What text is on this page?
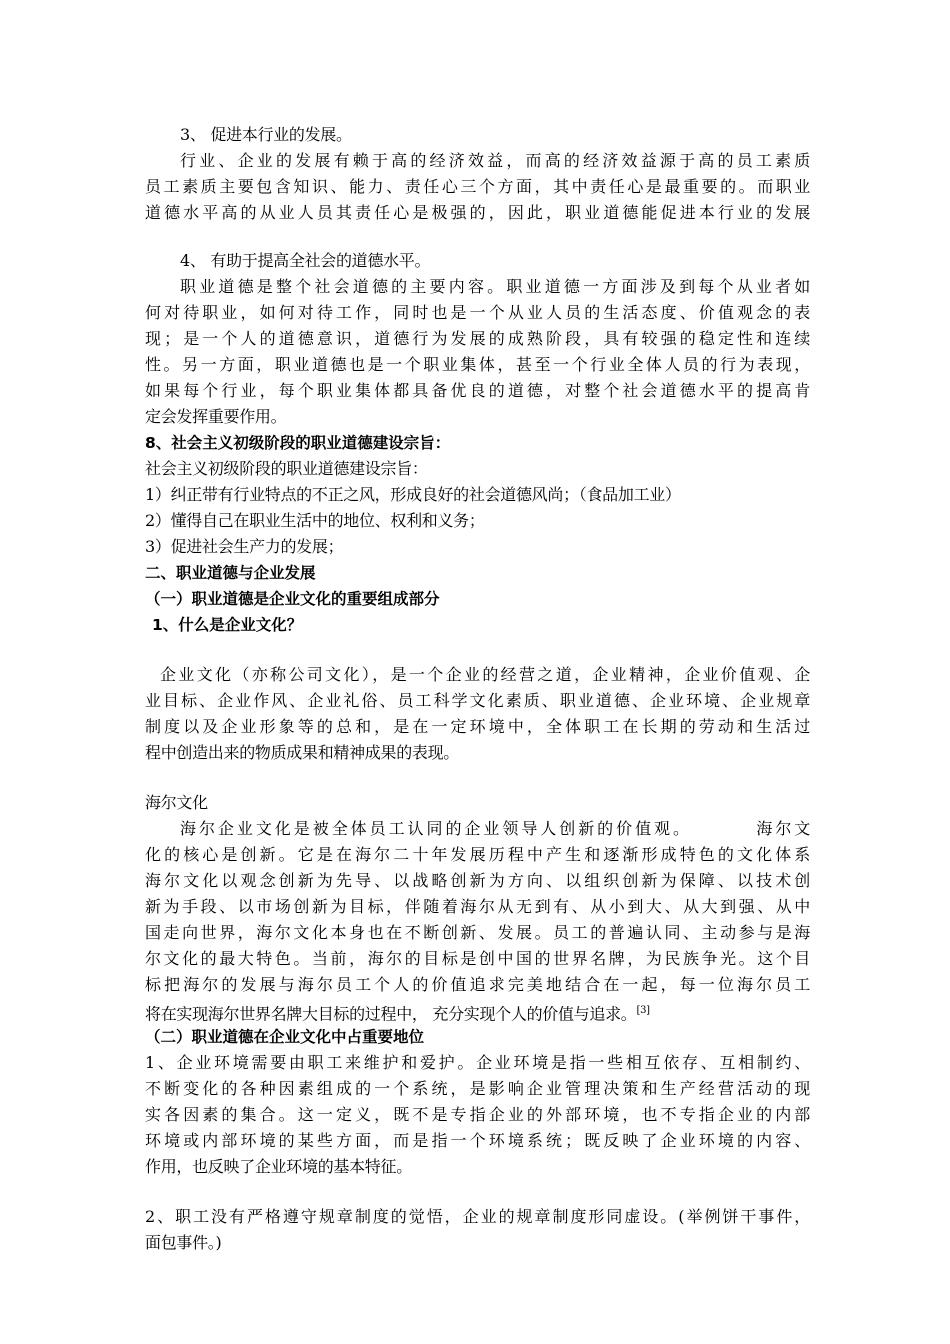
3、 促进本行业的发展。
行业、企业的发展有赖于高的经济效益，而高的经济效益源于高的员工素质
员工素质主要包含知识、能力、责任心三个方面，其中责任心是最重要的。而职业
道德水平高的从业人员其责任心是极强的，因此，职业道德能促进本行业的发展
4、 有助于提高全社会的道德水平。
职业道德是整个社会道德的主要内容。职业道德一方面涉及到每个从业者如
何对待职业，如何对待工作，同时也是一个从业人员的生活态度、价值观念的表
现；是一个人的道德意识，道德行为发展的成熟阶段，具有较强的稳定性和连续
性。另一方面，职业道德也是一个职业集体，甚至一个行业全体人员的行为表现，
如果每个行业，每个职业集体都具备优良的道德，对整个社会道德水平的提高肯
定会发挥重要作用。
8、社会主义初级阶段的职业道德建设宗旨：
社会主义初级阶段的职业道德建设宗旨：
1）纠正带有行业特点的不正之风，形成良好的社会道德风尚；（食品加工业）
2）懂得自己在职业生活中的地位、权利和义务；
3）促进社会生产力的发展；
二、职业道德与企业发展
（一）职业道德是企业文化的重要组成部分
1、什么是企业文化？
企业文化（亦称公司文化），是一个企业的经营之道，企业精神，企业价值观、企
业目标、企业作风、企业礼俗、员工科学文化素质、职业道德、企业环境、企业规章
制度以及企业形象等的总和，是在一定环境中，全体职工在长期的劳动和生活过
程中创造出来的物质成果和精神成果的表现。
海尔文化
海尔企业文化是被全体员工认同的企业领导人创新的价值观。        海尔文
化的核心是创新。它是在海尔二十年发展历程中产生和逐渐形成特色的文化体系
海尔文化以观念创新为先导、以战略创新为方向、以组织创新为保障、以技术创
新为手段、以市场创新为目标，伴随着海尔从无到有、从小到大、从大到强、从中
国走向世界，海尔文化本身也在不断创新、发展。员工的普遍认同、主动参与是海
尔文化的最大特色。当前，海尔的目标是创中国的世界名牌，为民族争光。这个目
标把海尔的发展与海尔员工个人的价值追求完美地结合在一起，每一位海尔员工
将在实现海尔世界名牌大目标的过程中， 充分实现个人的价值与追求。[3]
（二）职业道德在企业文化中占重要地位
1、企业环境需要由职工来维护和爱护。企业环境是指一些相互依存、互相制约、
不断变化的各种因素组成的一个系统，是影响企业管理决策和生产经营活动的现
实各因素的集合。这一定义，既不是专指企业的外部环境，也不专指企业的内部
环境或内部环境的某些方面，而是指一个环境系统；既反映了企业环境的内容、
作用，也反映了企业环境的基本特征。
2、职工没有严格遵守规章制度的觉悟，企业的规章制度形同虚设。(举例饼干事件，
面包事件。)
